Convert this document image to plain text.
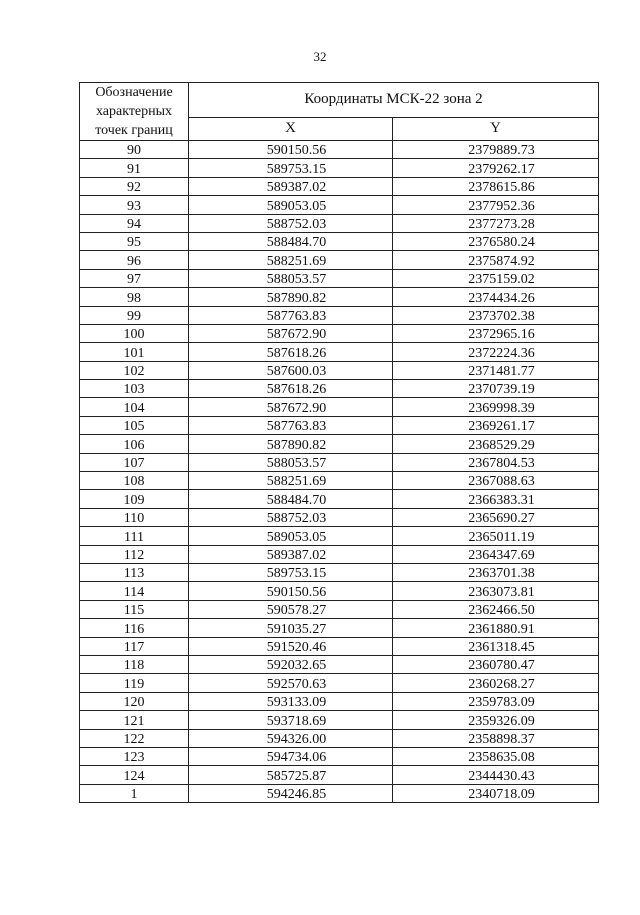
32
Обозначение характерных точек границ	Координаты МСК-22 зона 2	
	X	Y
90	590150.56	2379889.73
91	589753.15	2379262.17
92	589387.02	2378615.86
93	589053.05	2377952.36
94	588752.03	2377273.28
95	588484.70	2376580.24
96	588251.69	2375874.92
97	588053.57	2375159.02
98	587890.82	2374434.26
99	587763.83	2373702.38
100	587672.90	2372965.16
101	587618.26	2372224.36
102	587600.03	2371481.77
103	587618.26	2370739.19
104	587672.90	2369998.39
105	587763.83	2369261.17
106	587890.82	2368529.29
107	588053.57	2367804.53
108	588251.69	2367088.63
109	588484.70	2366383.31
110	588752.03	2365690.27
111	589053.05	2365011.19
112	589387.02	2364347.69
113	589753.15	2363701.38
114	590150.56	2363073.81
115	590578.27	2362466.50
116	591035.27	2361880.91
117	591520.46	2361318.45
118	592032.65	2360780.47
119	592570.63	2360268.27
120	593133.09	2359783.09
121	593718.69	2359326.09
122	594326.00	2358898.37
123	594734.06	2358635.08
124	585725.87	2344430.43
1	594246.85	2340718.09
